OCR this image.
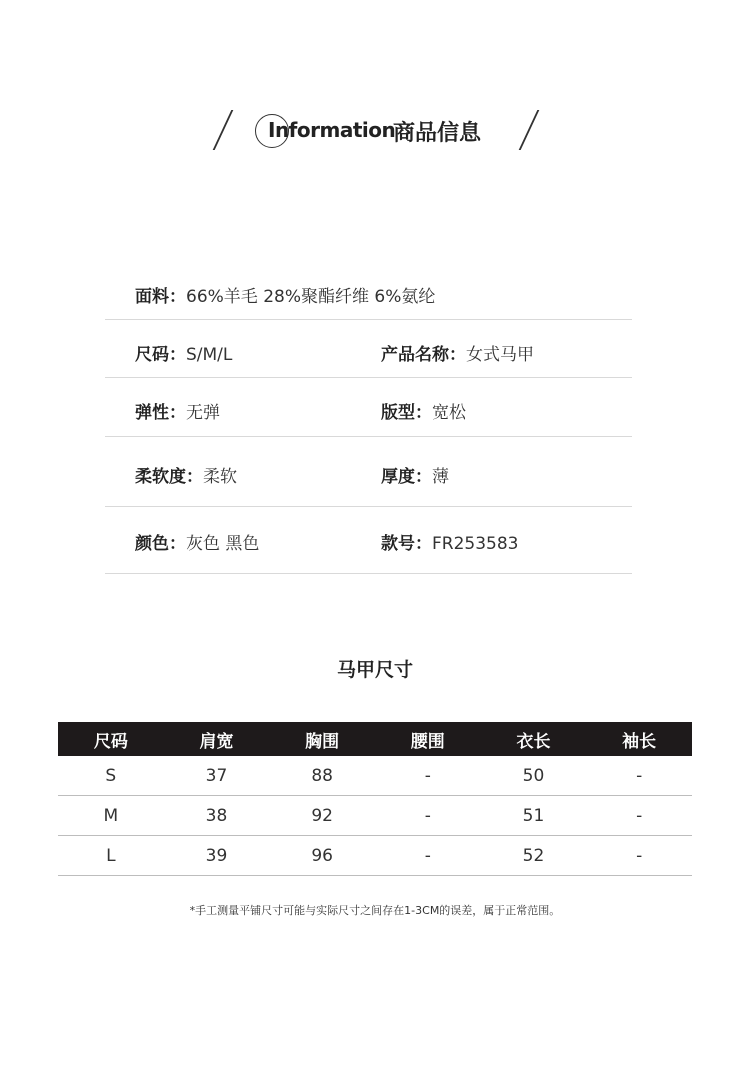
Information
商品信息
面料：66%羊毛 28%聚酯纤维 6%氨纶
尺码：S/M/L	产品名称：女式马甲
弹性：无弹	版型：宽松
柔软度：柔软	厚度：薄
颜色：灰色 黑色	款号：FR253583
马甲尺寸
尺码	肩宽	胸围	腰围	衣长	袖长
S	37	88	-	50	-
M	38	92	-	51	-
L	39	96	-	52	-
*手工测量平铺尺寸可能与实际尺寸之间存在1-3CM的误差，属于正常范围。
